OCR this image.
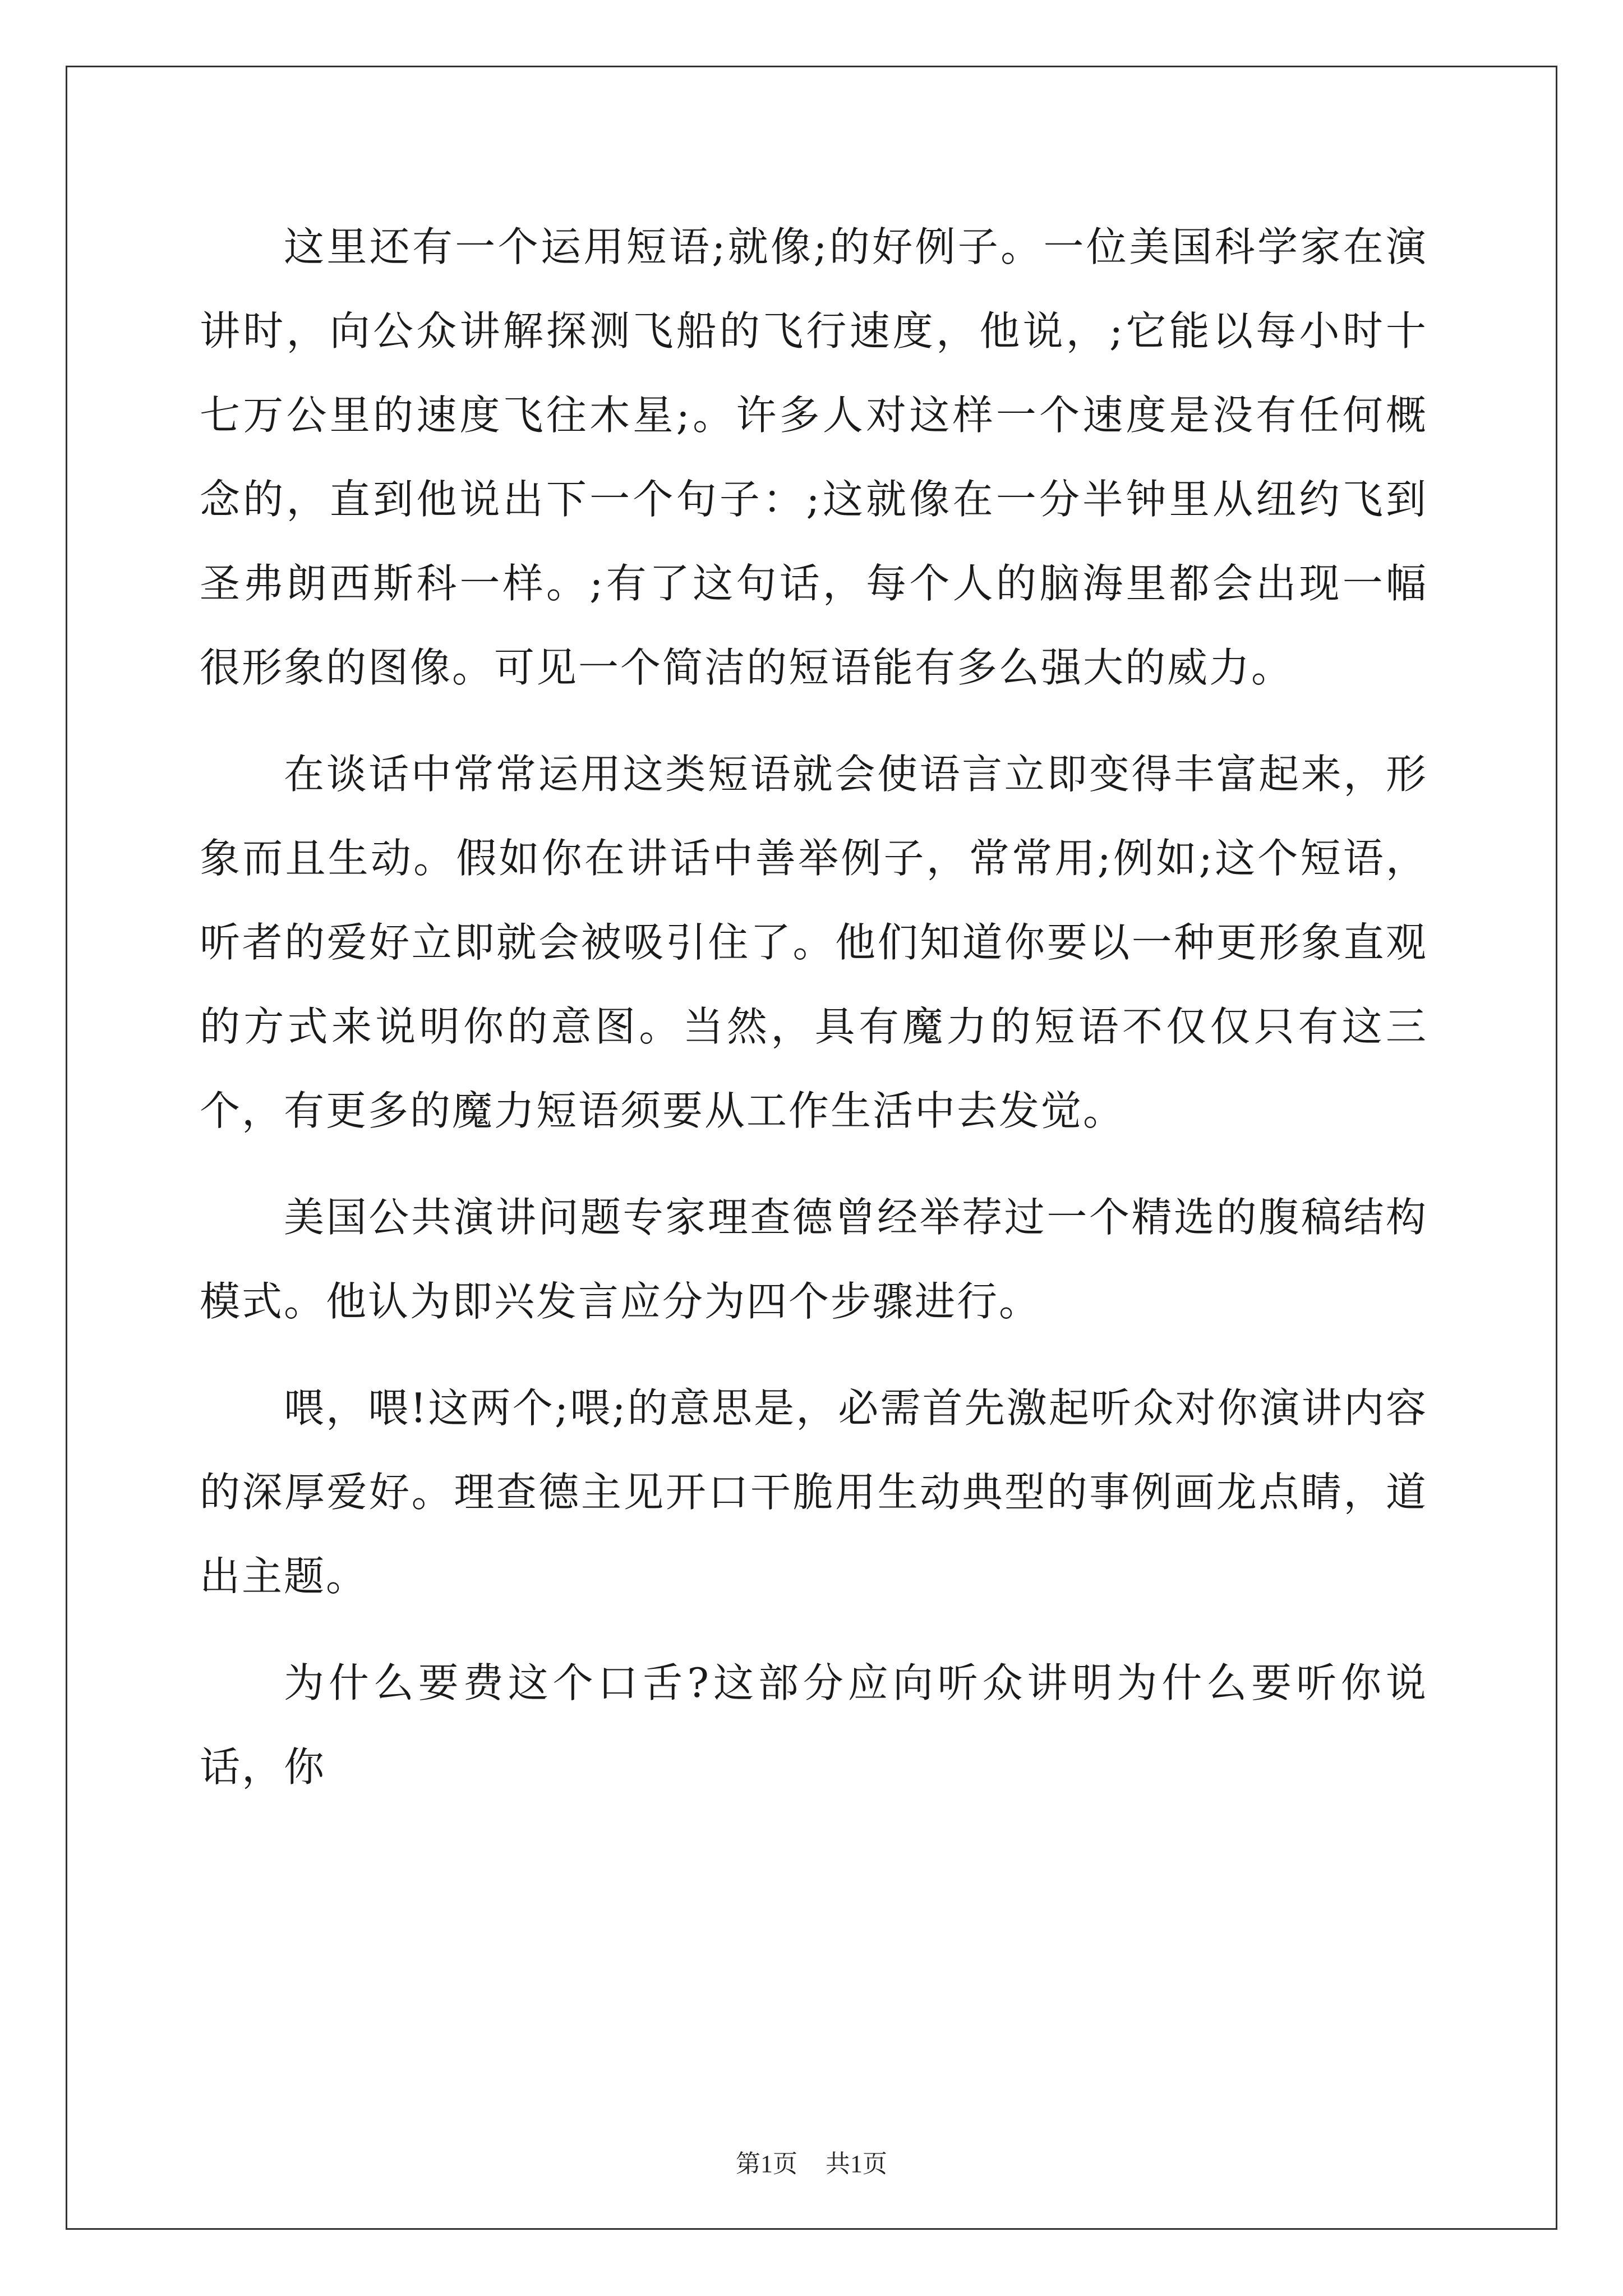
这里还有一个运用短语;就像;的好例子。一位美国科学家在演讲时，向公众讲解探测飞船的飞行速度，他说，;它能以每小时十七万公里的速度飞往木星;。许多人对这样一个速度是没有任何概念的，直到他说出下一个句子：;这就像在一分半钟里从纽约飞到圣弗朗西斯科一样。;有了这句话，每个人的脑海里都会出现一幅很形象的图像。可见一个简洁的短语能有多么强大的威力。

在谈话中常常运用这类短语就会使语言立即变得丰富起来，形象而且生动。假如你在讲话中善举例子，常常用;例如;这个短语，听者的爱好立即就会被吸引住了。他们知道你要以一种更形象直观的方式来说明你的意图。当然，具有魔力的短语不仅仅只有这三个，有更多的魔力短语须要从工作生活中去发觉。

美国公共演讲问题专家理查德曾经举荐过一个精选的腹稿结构模式。他认为即兴发言应分为四个步骤进行。

喂，喂!这两个;喂;的意思是，必需首先激起听众对你演讲内容的深厚爱好。理查德主见开口干脆用生动典型的事例画龙点睛，道出主题。

为什么要费这个口舌?这部分应向听众讲明为什么要听你说话，你

第1页 共1页
